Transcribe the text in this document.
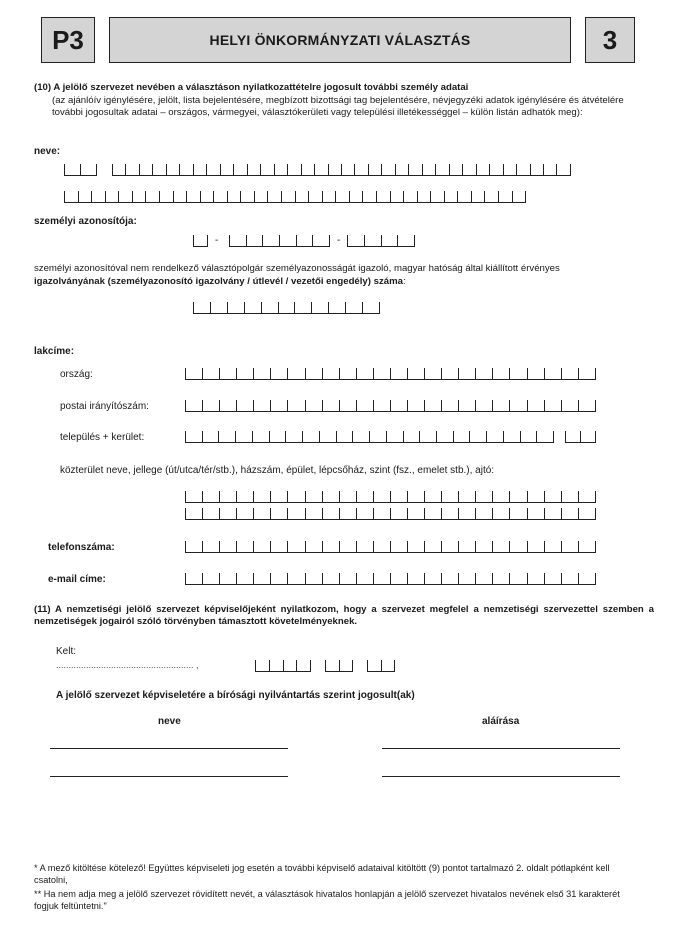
P3	HELYI ÖNKORMÁNYZATI VÁLASZTÁS	3
(10) A jelölő szervezet nevében a választáson nyilatkozattételre jogosult további személy adatai
(az ajánlóív igénylésére, jelölt, lista bejelentésére, megbízott bizottsági tag bejelentésére, névjegyzéki adatok igénylésére és átvételére további jogosultak adatai – országos, vármegyei, választókerületi vagy települési illetékességgel – külön listán adhatók meg):
neve:
személyi azonosítója:
-	-
személyi azonosítóval nem rendelkező választópolgár személyazonosságát igazoló, magyar hatóság által kiállított érvényes
igazolványának (személyazonosító igazolvány / útlevél / vezetői engedély) száma:
lakcíme:
ország:
postai irányítószám:
település + kerület:
közterület neve, jellege (út/utca/tér/stb.), házszám, épület, lépcsőház, szint (fsz., emelet stb.), ajtó:
telefonszáma:
e-mail címe:
(11) A nemzetiségi jelölő szervezet képviselőjeként nyilatkozom, hogy a szervezet megfelel a nemzetiségi szervezettel szemben a nemzetiségek jogairól szóló törvényben támasztott követelményeknek.
Kelt:
....................................................... ,
A jelölő szervezet képviseletére a bírósági nyilvántartás szerint jogosult(ak)
neve	aláírása
* A mező kitöltése kötelező! Együttes képviseleti jog esetén a további képviselő adataival kitöltött (9) pontot tartalmazó 2. oldalt pótlapként kell csatolni,
** Ha nem adja meg a jelölő szervezet rövidített nevét, a választások hivatalos honlapján a jelölő szervezet hivatalos nevének első 31 karakterét fogjuk feltüntetni."
